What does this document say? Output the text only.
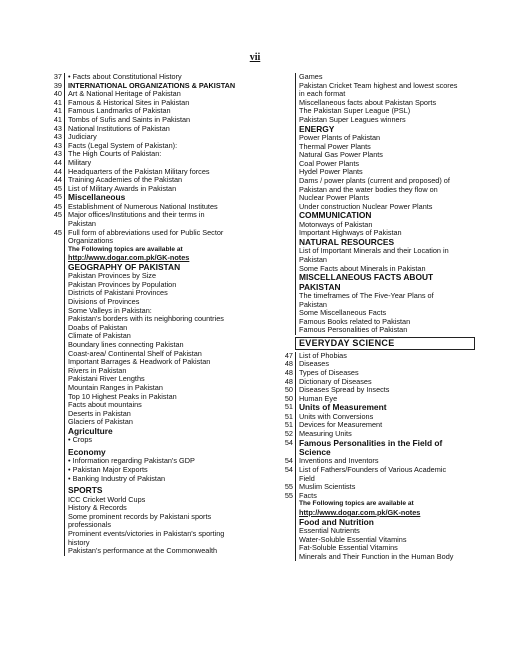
vii
37
•	Facts about Constitutional History
39 INTERNATIONAL ORGANIZATIONS & PAKISTAN
40 Art & National Heritage of Pakistan
41 Famous & Historical Sites in Pakistan
41 Famous Landmarks of Pakistan
41 Tombs of Sufis and Saints in Pakistan
43 National Institutions of Pakistan
43 Judiciary
43 Facts (Legal System of Pakistan):
43 The High Courts of Pakistan:
44 Military
44 Headquarters of the Pakistan Military forces
44 Training Academies of the Pakistan
45 List of Military Awards in Pakistan
45 Miscellaneous
45 Establishment of Numerous National Institutes
45 Major offices/Institutions and their terms in
Pakistan
45 Full form of abbreviations used for Public Sector
Organizations
The Following topics are available at
http://www.dogar.com.pk/GK-notes
GEOGRAPHY OF PAKISTAN
Pakistan Provinces by Size
Pakistan Provinces by Population
Districts of Pakistani Provinces
Divisions of Provinces
Some Valleys in Pakistan:
Pakistan's borders with its neighboring countries
Doabs of Pakistan
Climate of Pakistan
Boundary lines connecting Pakistan
Coast-area/ Continental Shelf of Pakistan
Important Barrages & Headwork of Pakistan
Rivers in Pakistan
Pakistani River Lengths
Mountain Ranges in Pakistan
Top 10 Highest Peaks in Pakistan
Facts about mountains
Deserts in Pakistan
Glaciers of Pakistan
Agriculture
• Crops
Economy
• Information regarding Pakistan's GDP
• Pakistan Major Exports
• Banking Industry of Pakistan
SPORTS
ICC Cricket World Cups
History & Records
Some prominent records by Pakistani sports
professionals
Prominent events/victories in Pakistan's sporting
history
Pakistan's performance at the Commonwealth
Games
Pakistan Cricket Team highest and lowest scores
in each format
Miscellaneous facts about Pakistan Sports
The Pakistan Super League (PSL)
Pakistan Super Leagues winners
ENERGY
Power Plants of Pakistan
Thermal Power Plants
Natural Gas Power Plants
Coal Power Plants
Hydel Power Plants
Dams / power plants (current and proposed) of
Pakistan and the water bodies they flow on
Nuclear Power Plants
Under construction Nuclear Power Plants
COMMUNICATION
Motorways of Pakistan
Important Highways of Pakistan
NATURAL RESOURCES
List of Important Minerals and their Location in
Pakistan
Some Facts about Minerals in Pakistan
MISCELLANEOUS FACTS ABOUT
PAKISTAN
The timeframes of The Five-Year Plans of
Pakistan
Some Miscellaneous Facts
Famous Books related to Pakistan
Famous Personalities of Pakistan
EVERYDAY SCIENCE
47 List of Phobias
48 Diseases
48 Types of Diseases
48 Dictionary of Diseases
50 Diseases Spread by Insects
50 Human Eye
51 Units of Measurement
51 Units with Conversions
51 Devices for Measurement
52 Measuring Units
54 Famous Personalities in the Field of
Science
54 Inventions and Inventors
54 List of Fathers/Founders of Various Academic
Field
55 Muslim Scientists
55 Facts
The Following topics are available at
http://www.dogar.com.pk/GK-notes
Food and Nutrition
Essential Nutrients
Water-Soluble Essential Vitamins
Fat-Soluble Essential Vitamins
Minerals and Their Function in the Human Body
